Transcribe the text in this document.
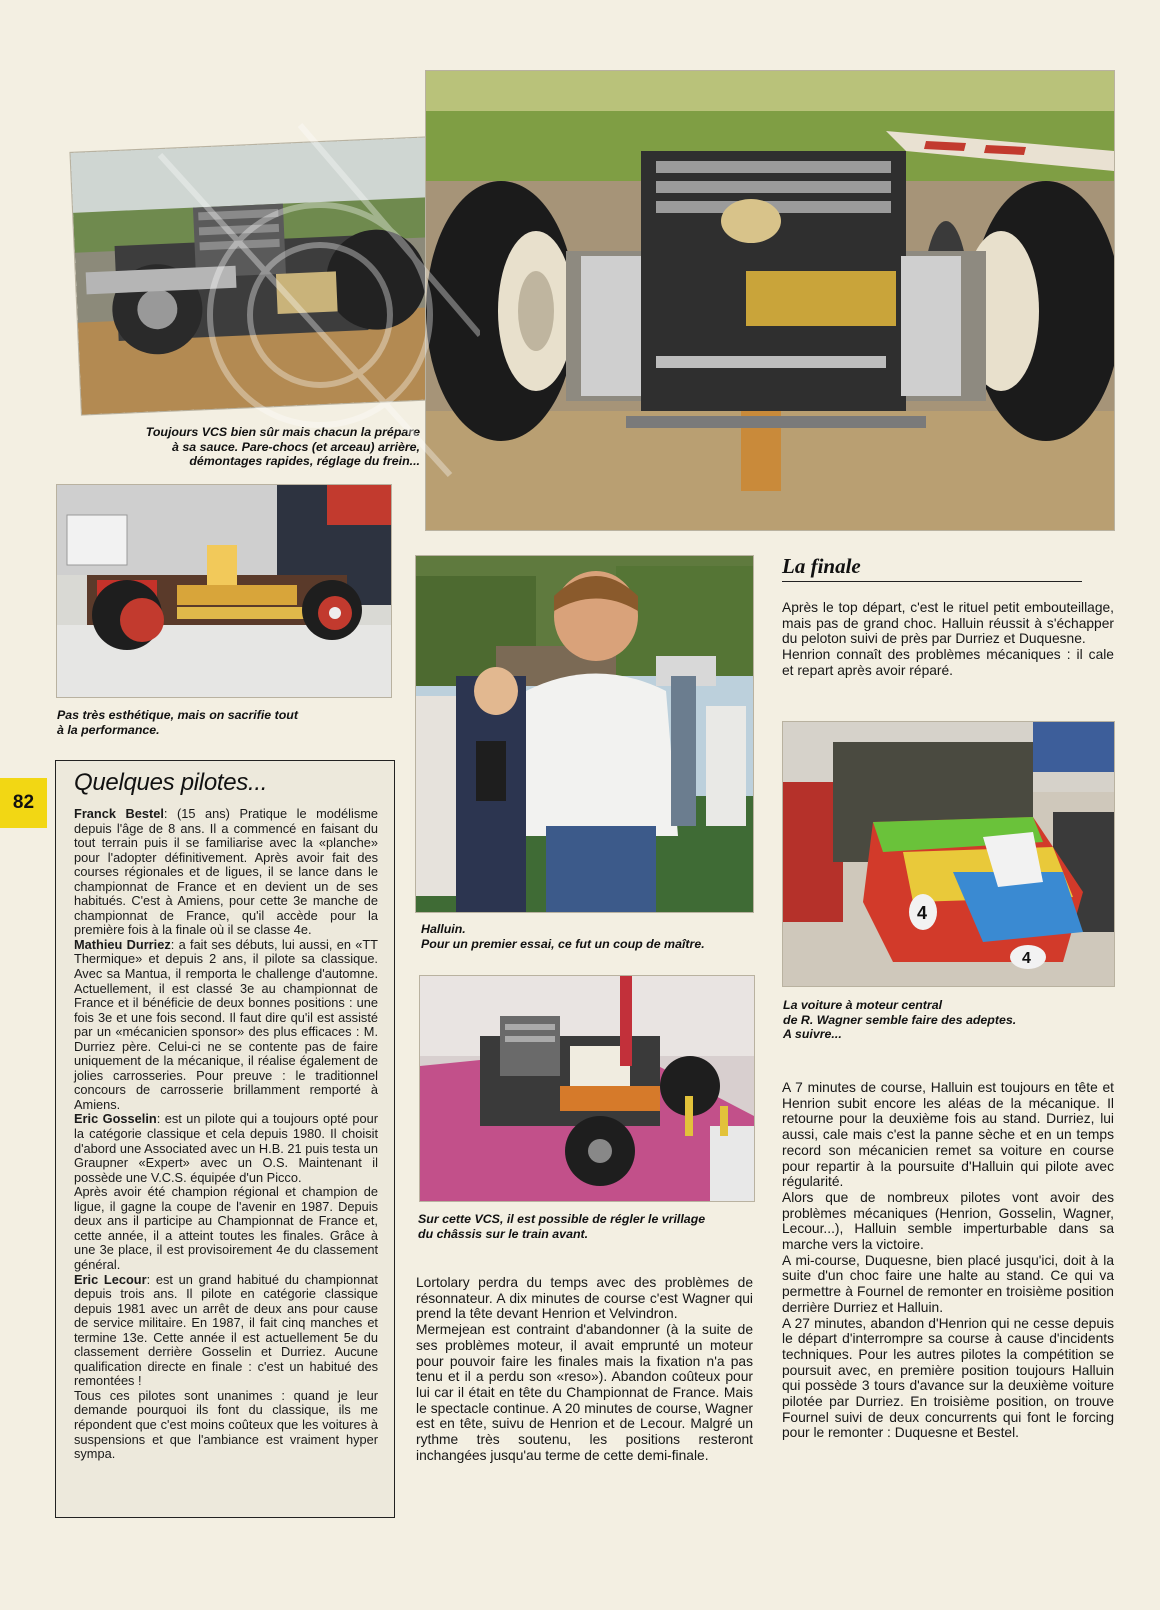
Toujours VCS bien sûr mais chacun la prépare

à sa sauce. Pare-chocs (et arceau) arrière,

démontages rapides, réglage du frein...

Pas très esthétique, mais on sacrifie tout

à la performance.

82
Quelques pilotes...

Franck Bestel: (15 ans) Pratique le modélisme depuis l'âge de 8 ans. Il a commencé en faisant du tout terrain puis il se familiarise avec la «planche» pour l'adopter définitivement. Après avoir fait des courses régionales et de ligues, il se lance dans le championnat de France et en devient un de ses habitués. C'est à Amiens, pour cette 3e manche de championnat de France, qu'il accède pour la première fois à la finale où il se classe 4e.

Mathieu Durriez: a fait ses débuts, lui aussi, en «TT Thermique» et depuis 2 ans, il pilote sa classique. Avec sa Mantua, il remporta le challenge d'automne. Actuellement, il est classé 3e au championnat de France et il bénéficie de deux bonnes positions : une fois 3e et une fois second. Il faut dire qu'il est assisté par un «mécanicien sponsor» des plus efficaces : M. Durriez père. Celui-ci ne se contente pas de faire uniquement de la mécanique, il réalise également de jolies carrosseries. Pour preuve : le traditionnel concours de carrosserie brillamment remporté à Amiens.

Eric Gosselin: est un pilote qui a toujours opté pour la catégorie classique et cela depuis 1980. Il choisit d'abord une Associated avec un H.B. 21 puis testa un Graupner «Expert» avec un O.S. Maintenant il possède une V.C.S. équipée d'un Picco.

Après avoir été champion régional et champion de ligue, il gagne la coupe de l'avenir en 1987. Depuis deux ans il participe au Championnat de France et, cette année, il a atteint toutes les finales. Grâce à une 3e place, il est provisoirement 4e du classement général.

Eric Lecour: est un grand habitué du championnat depuis trois ans. Il pilote en catégorie classique depuis 1981 avec un arrêt de deux ans pour cause de service militaire. En 1987, il fait cinq manches et termine 13e. Cette année il est actuellement 5e du classement derrière Gosselin et Durriez. Aucune qualification directe en finale : c'est un habitué des remontées !

Tous ces pilotes sont unanimes : quand je leur demande pourquoi ils font du classique, ils me répondent que c'est moins coûteux que les voitures à suspensions et que l'ambiance est vraiment hyper sympa.

Halluin.

Pour un premier essai, ce fut un coup de maître.

La finale

Après le top départ, c'est le rituel petit embouteillage, mais pas de grand choc. Halluin réussit à s'échapper du peloton suivi de près par Durriez et Duquesne.

Henrion connaît des problèmes mécaniques : il cale et repart après avoir réparé.

4
4

La voiture à moteur central

de R. Wagner semble faire des adeptes.

A suivre...

Sur cette VCS, il est possible de régler le vrillage

du châssis sur le train avant.

Lortolary perdra du temps avec des problèmes de résonnateur. A dix minutes de course c'est Wagner qui prend la tête devant Henrion et Velvindron.

Mermejean est contraint d'abandonner (à la suite de ses problèmes moteur, il avait emprunté un moteur pour pouvoir faire les finales mais la fixation n'a pas tenu et il a perdu son «reso»). Abandon coûteux pour lui car il était en tête du Championnat de France. Mais le spectacle continue. A 20 minutes de course, Wagner est en tête, suivu de Henrion et de Lecour. Malgré un rythme très soutenu, les positions resteront inchangées jusqu'au terme de cette demi-finale.

A 7 minutes de course, Halluin est toujours en tête et Henrion subit encore les aléas de la mécanique. Il retourne pour la deuxième fois au stand. Durriez, lui aussi, cale mais c'est la panne sèche et en un temps record son mécanicien remet sa voiture en course pour repartir à la poursuite d'Halluin qui pilote avec régularité.

Alors que de nombreux pilotes vont avoir des problèmes mécaniques (Henrion, Gosselin, Wagner, Lecour...), Halluin semble imperturbable dans sa marche vers la victoire.

A mi-course, Duquesne, bien placé jusqu'ici, doit à la suite d'un choc faire une halte au stand. Ce qui va permettre à Fournel de remonter en troisième position derrière Durriez et Halluin.

A 27 minutes, abandon d'Henrion qui ne cesse depuis le départ d'interrompre sa course à cause d'incidents techniques. Pour les autres pilotes la compétition se poursuit avec, en première position toujours Halluin qui possède 3 tours d'avance sur la deuxième voiture pilotée par Durriez. En troisième position, on trouve Fournel suivi de deux concurrents qui font le forcing pour le remonter : Duquesne et Bestel.
